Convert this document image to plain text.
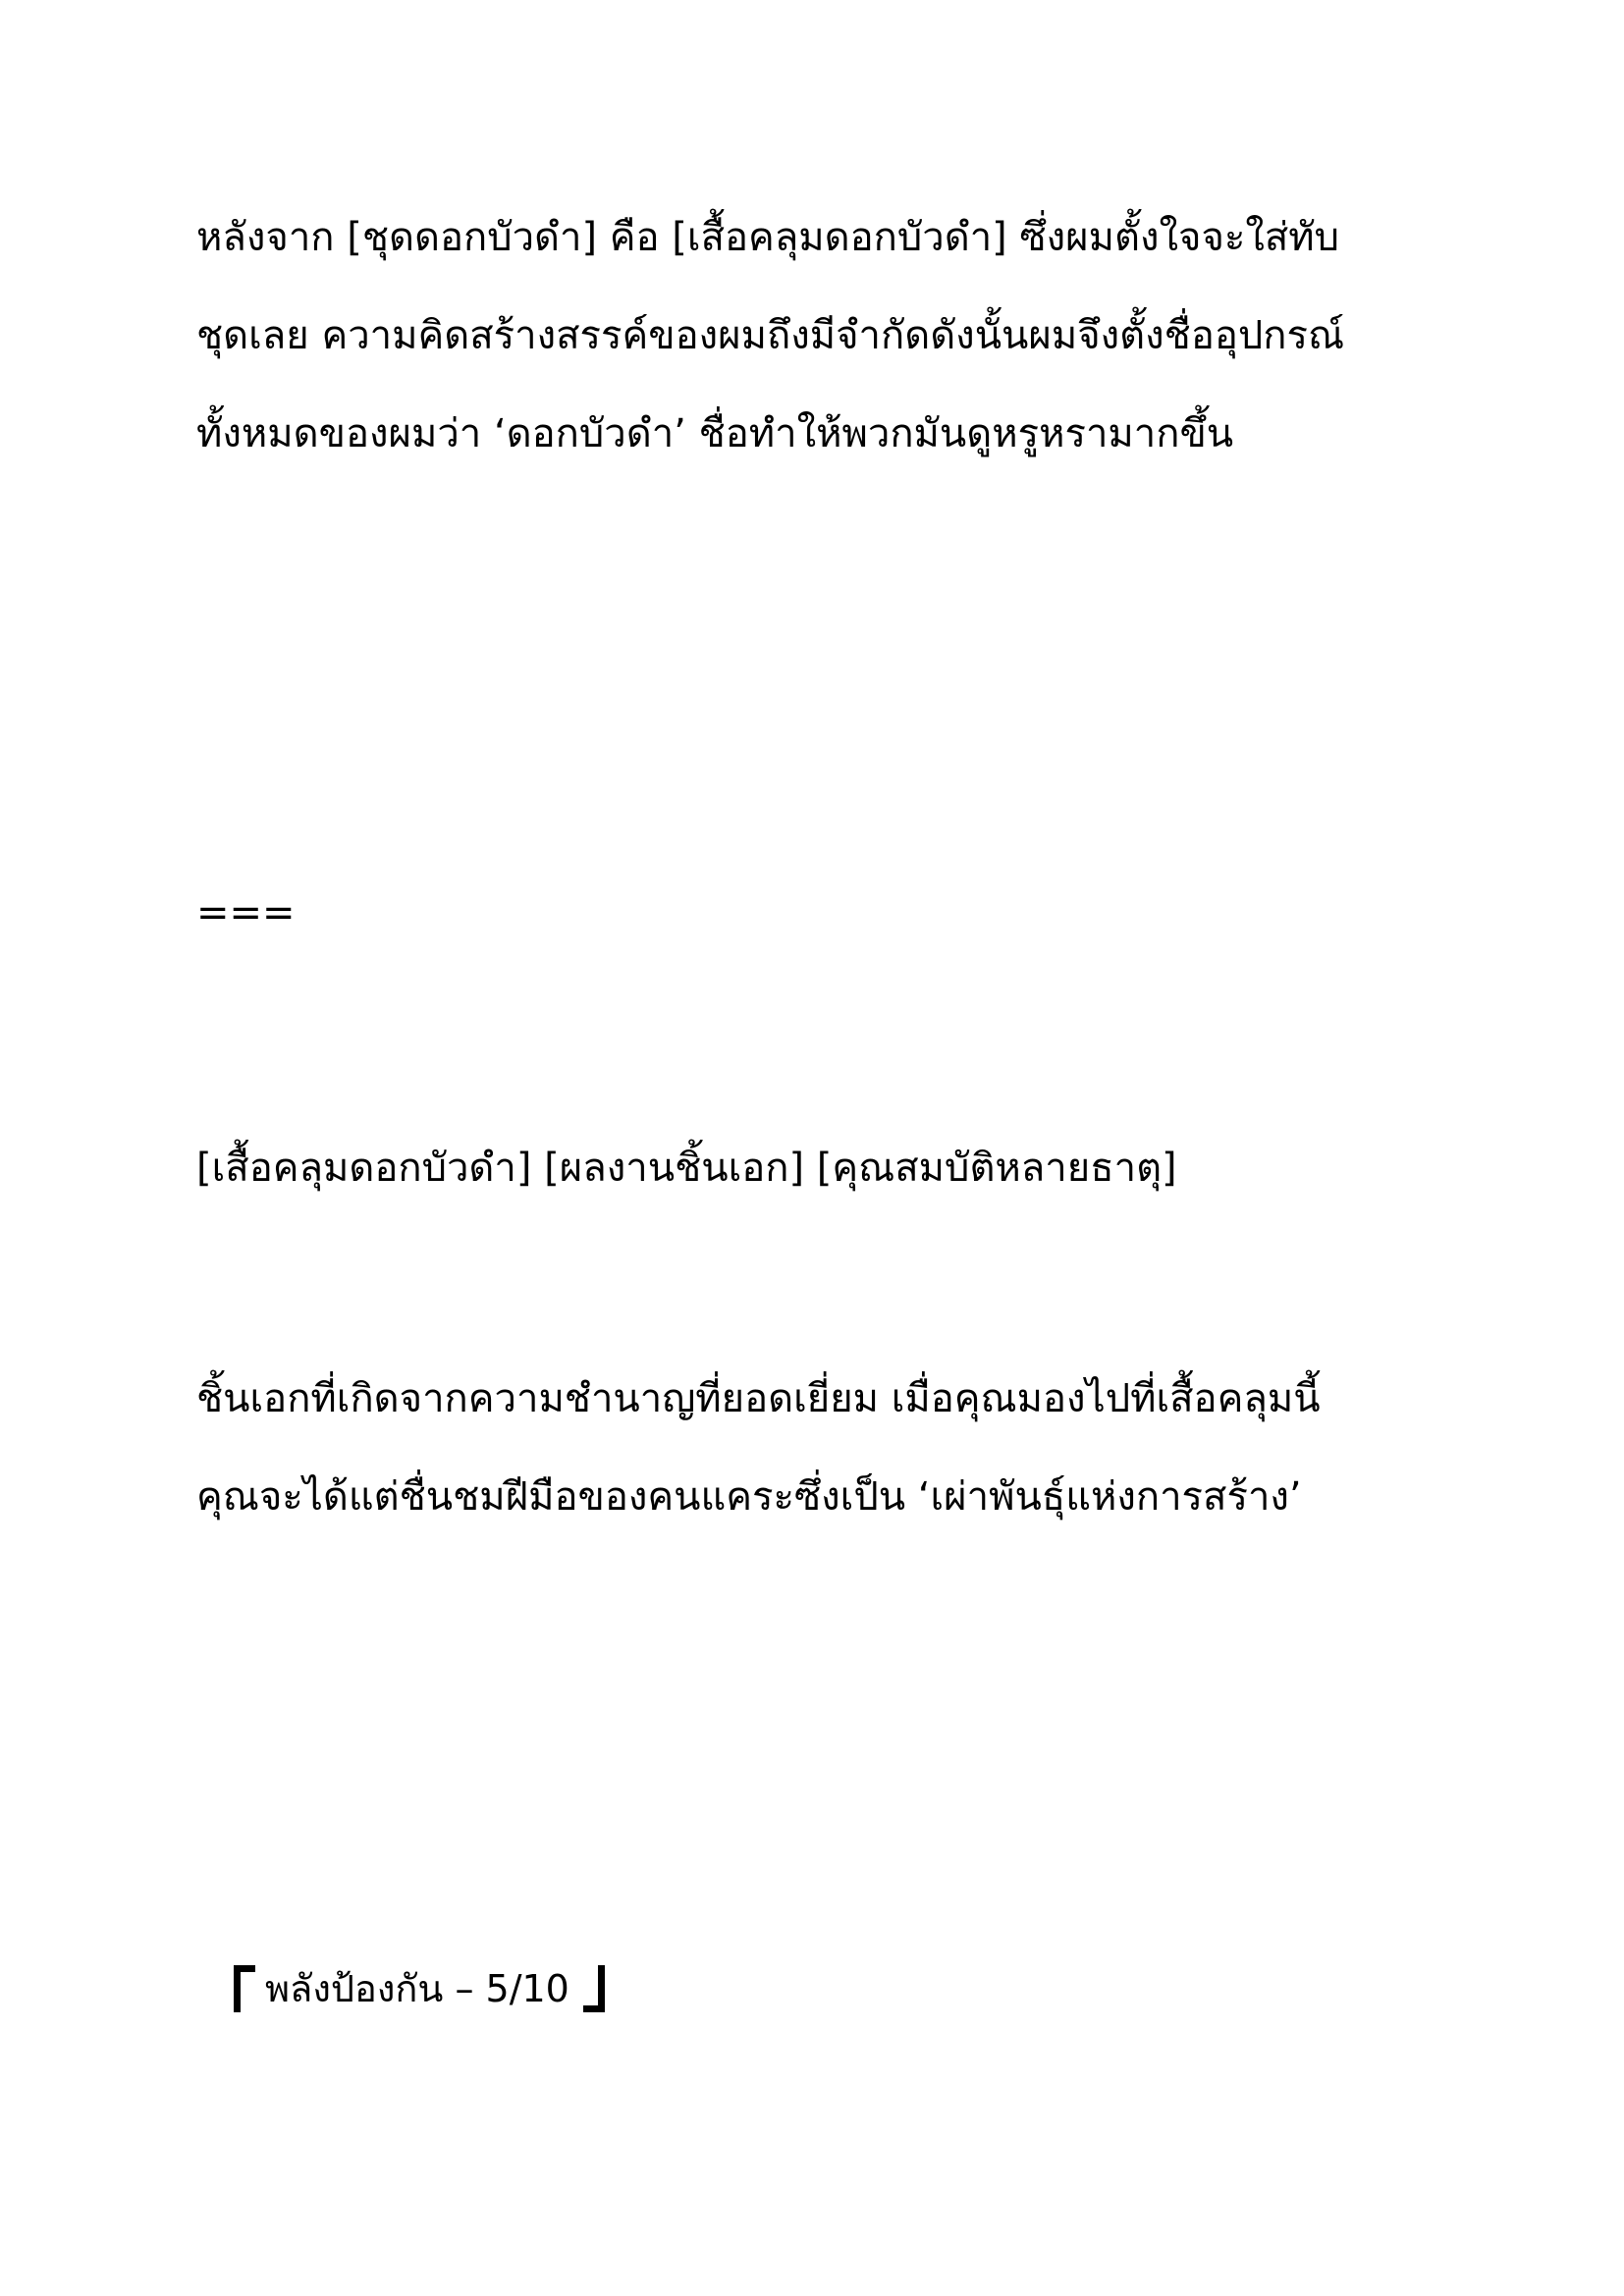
หลังจาก [ชุดดอกบัวดำ] คือ [เสื้อคลุมดอกบัวดำ] ซึ่งผมตั้งใจจะใส่ทับ
ชุดเลย ความคิดสร้างสรรค์ของผมถึงมีจำกัดดังนั้นผมจึงตั้งชื่ออุปกรณ์
ทั้งหมดของผมว่า ‘ดอกบัวดำ’ ชื่อทำให้พวกมันดูหรูหรามากขึ้น
===
[เสื้อคลุมดอกบัวดำ] [ผลงานชิ้นเอก] [คุณสมบัติหลายธาตุ]
ชิ้นเอกที่เกิดจากความชำนาญที่ยอดเยี่ยม เมื่อคุณมองไปที่เสื้อคลุมนี้
คุณจะได้แต่ชื่นชมฝีมือของคนแคระซึ่งเป็น ‘เผ่าพันธุ์แห่งการสร้าง’
พลังป้องกัน – 5/10
